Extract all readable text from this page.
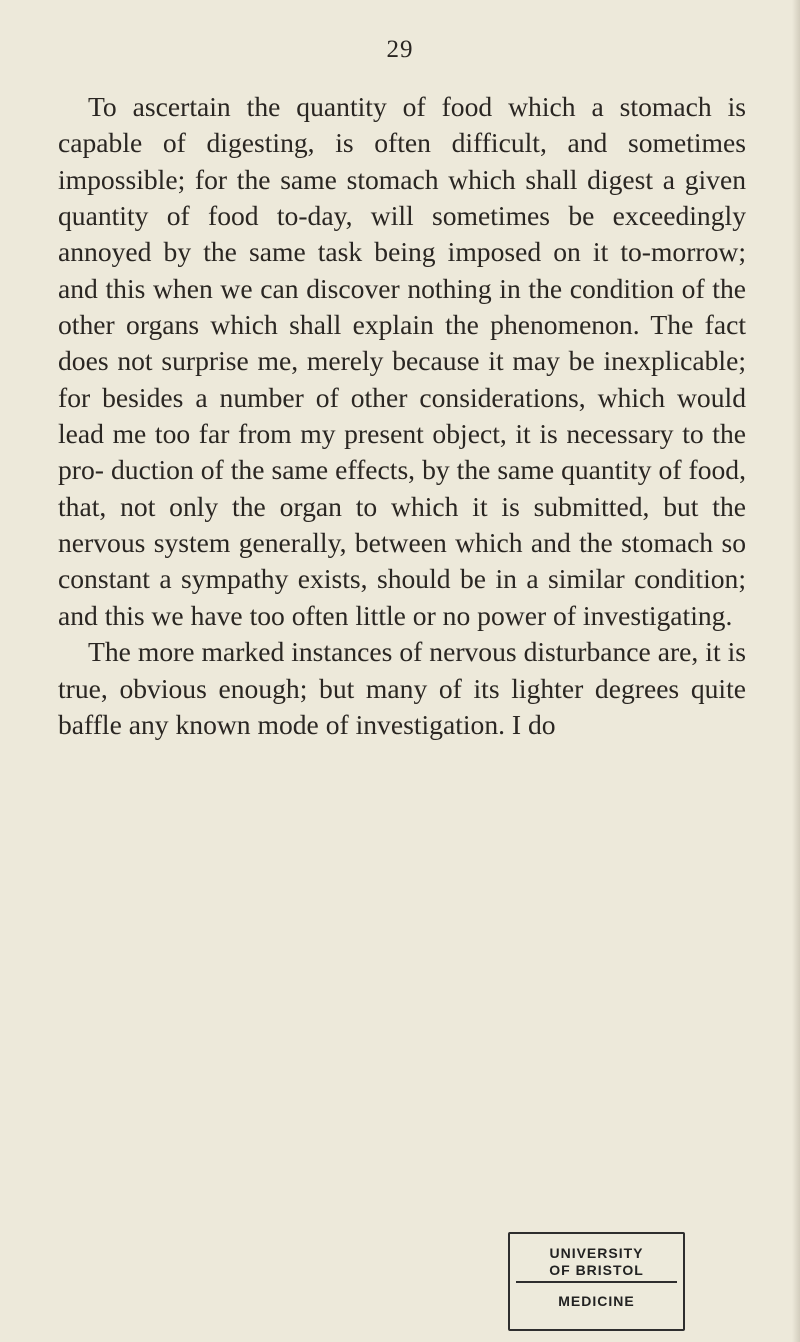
29

To ascertain the quantity of food which a stomach is capable of digesting, is often difficult, and sometimes impossible; for the same stomach which shall digest a given quantity of food to-day, will sometimes be exceedingly annoyed by the same task being imposed on it to-morrow; and this when we can discover nothing in the condition of the other organs which shall explain the phenomenon. The fact does not surprise me, merely because it may be inexplicable; for besides a number of other considerations, which would lead me too far from my present object, it is necessary to the pro- duction of the same effects, by the same quantity of food, that, not only the organ to which it is submitted, but the nervous system generally, between which and the stomach so constant a sympathy exists, should be in a similar condition; and this we have too often little or no power of investigating.

The more marked instances of nervous disturbance are, it is true, obvious enough; but many of its lighter degrees quite baffle any known mode of investigation. I do

UNIVERSITY
OF BRISTOL
MEDICINE
